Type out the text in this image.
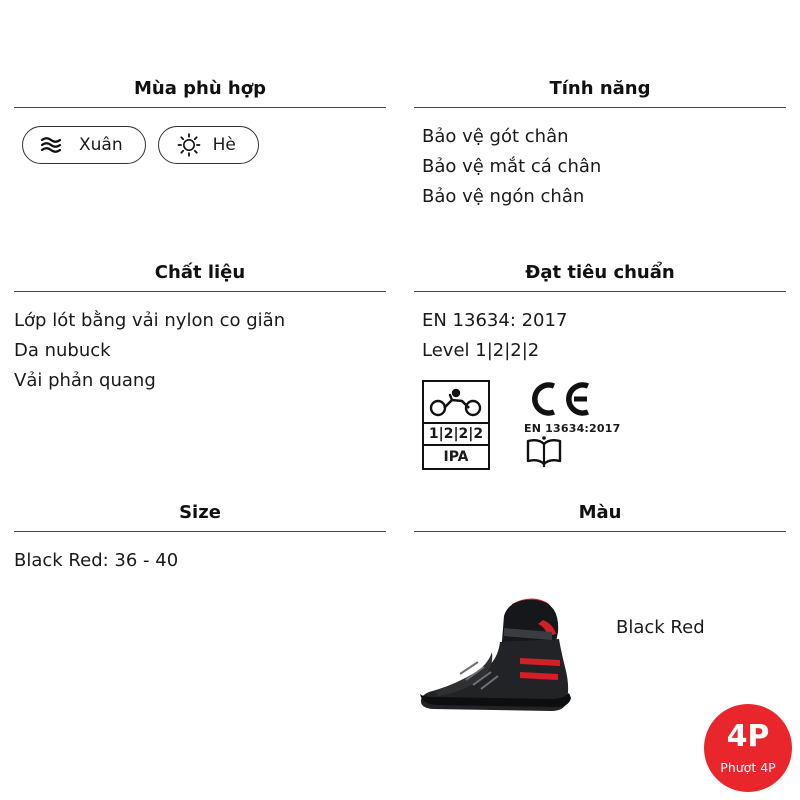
Mùa phù hợp
Xuân	Hè
Tính năng
Bảo vệ gót chân
Bảo vệ mắt cá chân
Bảo vệ ngón chân
Chất liệu
Lớp lót bằng vải nylon co giãn
Da nubuck
Vải phản quang
Đạt tiêu chuẩn
EN 13634: 2017
Level 1|2|2|2
1|2|2|2
IPA
EN 13634:2017
Size
Black Red: 36 - 40
Màu
Black Red
4P
Phượt 4P
